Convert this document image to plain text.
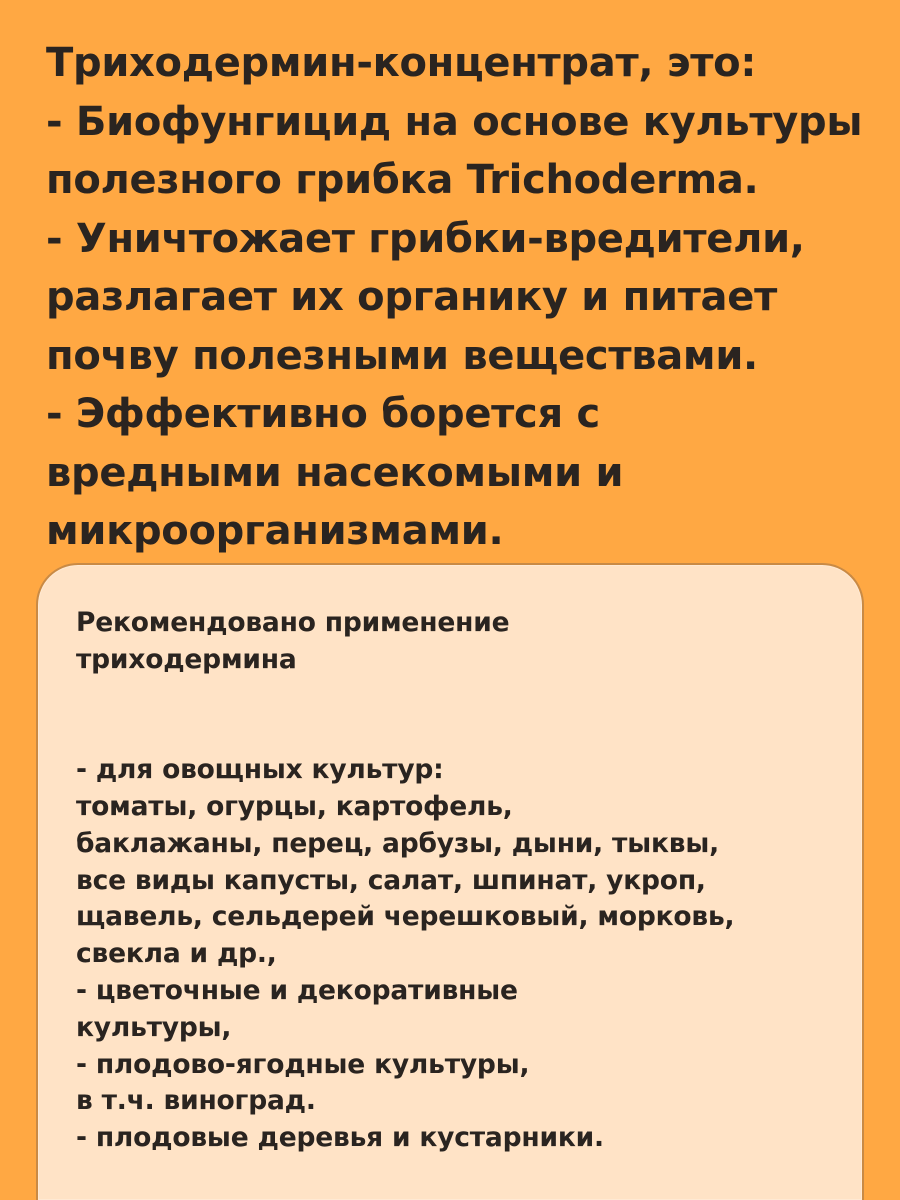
Триходермин-концентрат, это:
- Биофунгицид на основе культуры
полезного грибка Trichoderma.
- Уничтожает грибки-вредители,
разлагает их органику и питает
почву полезными веществами.
- Эффективно борется с
вредными насекомыми и
микроорганизмами.
Рекомендовано применение
триходермина
- для овощных культур:
томаты, огурцы, картофель,
баклажаны, перец, арбузы, дыни, тыквы,
все виды капусты, салат, шпинат, укроп,
щавель, сельдерей черешковый, морковь,
свекла и др.,
- цветочные и декоративные
культуры,
- плодово-ягодные культуры,
в т.ч. виноград.
- плодовые деревья и кустарники.
